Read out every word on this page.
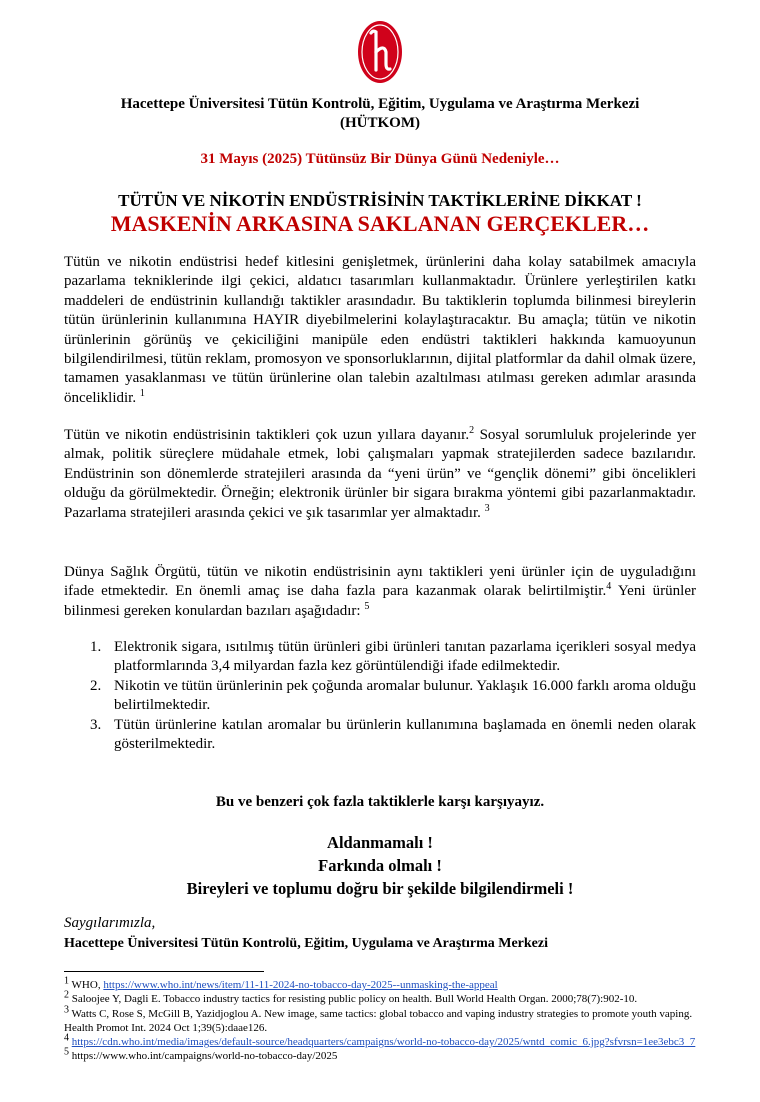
Hacettepe Üniversitesi Tütün Kontrolü, Eğitim, Uygulama ve Araştırma Merkezi
(HÜTKOM)
31 Mayıs (2025) Tütünsüz Bir Dünya Günü Nedeniyle…
TÜTÜN VE NİKOTİN ENDÜSTRİSİNİN TAKTİKLERİNE DİKKAT !
MASKENİN ARKASINA SAKLANAN GERÇEKLER…

Tütün ve nikotin endüstrisi hedef kitlesini genişletmek, ürünlerini daha kolay satabilmek amacıyla pazarlama tekniklerinde ilgi çekici, aldatıcı tasarımları kullanmaktadır. Ürünlere yerleştirilen katkı maddeleri de endüstrinin kullandığı taktikler arasındadır. Bu taktiklerin toplumda bilinmesi bireylerin tütün ürünlerinin kullanımına HAYIR diyebilmelerini kolaylaştıracaktır. Bu amaçla; tütün ve nikotin ürünlerinin görünüş ve çekiciliğini manipüle eden endüstri taktikleri hakkında kamuoyunun bilgilendirilmesi, tütün reklam, promosyon ve sponsorluklarının, dijital platformlar da dahil olmak üzere, tamamen yasaklanması ve tütün ürünlerine olan talebin azaltılması atılması gereken adımlar arasında önceliklidir. $^1$

Tütün ve nikotin endüstrisinin taktikleri çok uzun yıllara dayanır.$^2$ Sosyal sorumluluk projelerinde yer almak, politik süreçlere müdahale etmek, lobi çalışmaları yapmak stratejilerden sadece bazılarıdır. Endüstrinin son dönemlerde stratejileri arasında da “yeni ürün” ve “gençlik dönemi” gibi öncelikleri olduğu da görülmektedir. Örneğin; elektronik ürünler bir sigara bırakma yöntemi gibi pazarlanmaktadır. Pazarlama stratejileri arasında çekici ve şık tasarımlar yer almaktadır. $^3$

Dünya Sağlık Örgütü, tütün ve nikotin endüstrisinin aynı taktikleri yeni ürünler için de uyguladığını ifade etmektedir. En önemli amaç ise daha fazla para kazanmak olarak belirtilmiştir.$^4$ Yeni ürünler bilinmesi gereken konulardan bazıları aşağıdadır: $^5$

1. Elektronik sigara, ısıtılmış tütün ürünleri gibi ürünleri tanıtan pazarlama içerikleri sosyal medya platformlarında 3,4 milyardan fazla kez görüntülendiği ifade edilmektedir.
2. Nikotin ve tütün ürünlerinin pek çoğunda aromalar bulunur. Yaklaşık 16.000 farklı aroma olduğu belirtilmektedir.
3. Tütün ürünlerine katılan aromalar bu ürünlerin kullanımına başlamada en önemli neden olarak gösterilmektedir.
Bu ve benzeri çok fazla taktiklerle karşı karşıyayız.
Aldanmamalı !
Farkında olmalı !
Bireyleri ve toplumu doğru bir şekilde bilgilendirmeli !
Saygılarımızla,
Hacettepe Üniversitesi Tütün Kontrolü, Eğitim, Uygulama ve Araştırma Merkezi

$^1$ WHO, https://www.who.int/news/item/11-11-2024-no-tobacco-day-2025--unmasking-the-appeal

$^2$ Saloojee Y, Dagli E. Tobacco industry tactics for resisting public policy on health. Bull World Health Organ. 2000;78(7):902-10.

$^3$ Watts C, Rose S, McGill B, Yazidjoglou A. New image, same tactics: global tobacco and vaping industry strategies to promote youth vaping. Health Promot Int. 2024 Oct 1;39(5):daae126.

$^4$ https://cdn.who.int/media/images/default-source/headquarters/campaigns/world-no-tobacco-day/2025/wntd_comic_6.jpg?sfvrsn=1ee3ebc3_7

$^5$ https://www.who.int/campaigns/world-no-tobacco-day/2025
